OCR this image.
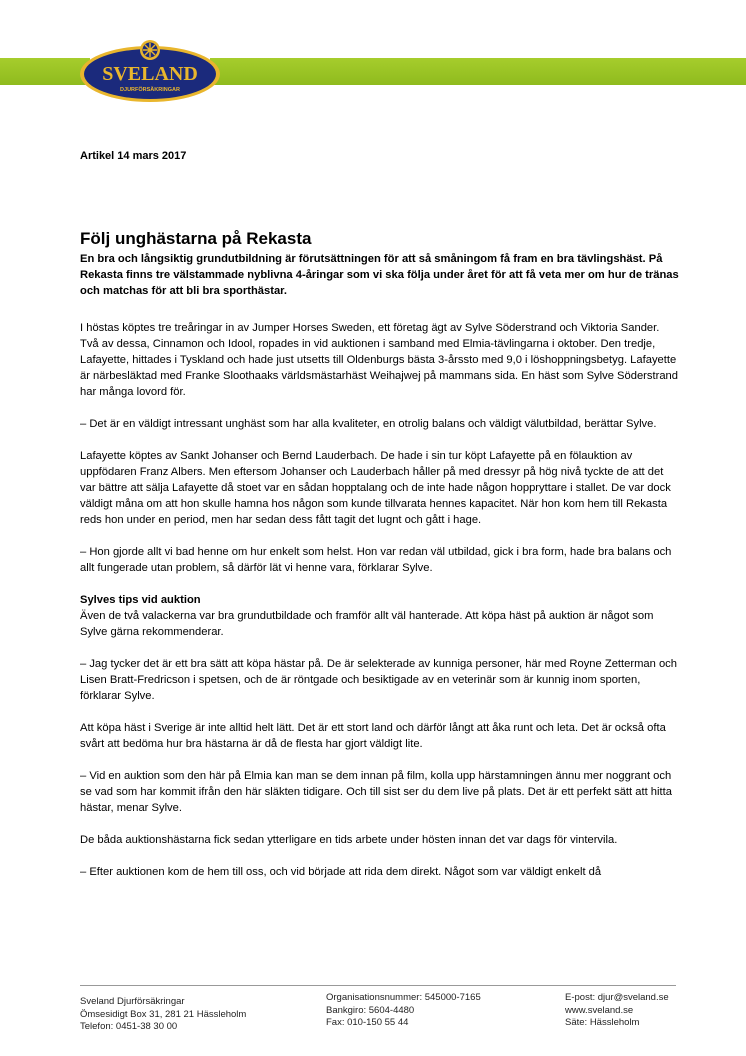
SVELAND
DJURFÖRSÄKRINGAR
Artikel 14 mars 2017
Följ unghästarna på Rekasta

En bra och långsiktig grundutbildning är förutsättningen för att så småningom få fram en bra tävlingshäst. På Rekasta finns tre välstammade nyblivna 4-åringar som vi ska följa under året för att få veta mer om hur de tränas och matchas för att bli bra sporthästar.

I höstas köptes tre treåringar in av Jumper Horses Sweden, ett företag ägt av Sylve Söderstrand och Viktoria Sander. Två av dessa, Cinnamon och Idool, ropades in vid auktionen i samband med Elmia-tävlingarna i oktober. Den tredje, Lafayette, hittades i Tyskland och hade just utsetts till Oldenburgs bästa 3-årssto med 9,0 i löshoppningsbetyg. Lafayette är närbesläktad med Franke Sloothaaks världsmästarhäst Weihajwej på mammans sida. En häst som Sylve Söderstrand har många lovord för.

– Det är en väldigt intressant unghäst som har alla kvaliteter, en otrolig balans och väldigt välutbildad, berättar Sylve.

Lafayette köptes av Sankt Johanser och Bernd Lauderbach. De hade i sin tur köpt Lafayette på en fölauktion av uppfödaren Franz Albers. Men eftersom Johanser och Lauderbach håller på med dressyr på hög nivå tyckte de att det var bättre att sälja Lafayette då stoet var en sådan hopptalang och de inte hade någon hoppryttare i stallet. De var dock väldigt måna om att hon skulle hamna hos någon som kunde tillvarata hennes kapacitet. När hon kom hem till Rekasta reds hon under en period, men har sedan dess fått tagit det lugnt och gått i hage.

– Hon gjorde allt vi bad henne om hur enkelt som helst. Hon var redan väl utbildad, gick i bra form, hade bra balans och allt fungerade utan problem, så därför lät vi henne vara, förklarar Sylve.

Sylves tips vid auktion

Även de två valackerna var bra grundutbildade och framför allt väl hanterade. Att köpa häst på auktion är något som Sylve gärna rekommenderar.

– Jag tycker det är ett bra sätt att köpa hästar på. De är selekterade av kunniga personer, här med Royne Zetterman och Lisen Bratt-Fredricson i spetsen, och de är röntgade och besiktigade av en veterinär som är kunnig inom sporten, förklarar Sylve.

Att köpa häst i Sverige är inte alltid helt lätt. Det är ett stort land och därför långt att åka runt och leta. Det är också ofta svårt att bedöma hur bra hästarna är då de flesta har gjort väldigt lite.

– Vid en auktion som den här på Elmia kan man se dem innan på film, kolla upp härstamningen ännu mer noggrant och se vad som har kommit ifrån den här släkten tidigare. Och till sist ser du dem live på plats. Det är ett perfekt sätt att hitta hästar, menar Sylve.

De båda auktionshästarna fick sedan ytterligare en tids arbete under hösten innan det var dags för vintervila.

– Efter auktionen kom de hem till oss, och vid började att rida dem direkt. Något som var väldigt enkelt då

Sveland Djurförsäkringar
Ömsesidigt Box 31, 281 21 Hässleholm
Telefon: 0451-38 30 00
Organisationsnummer: 545000-7165
Bankgiro: 5604-4480
Fax: 010-150 55 44
E-post: djur@sveland.se
www.sveland.se
Säte: Hässleholm
